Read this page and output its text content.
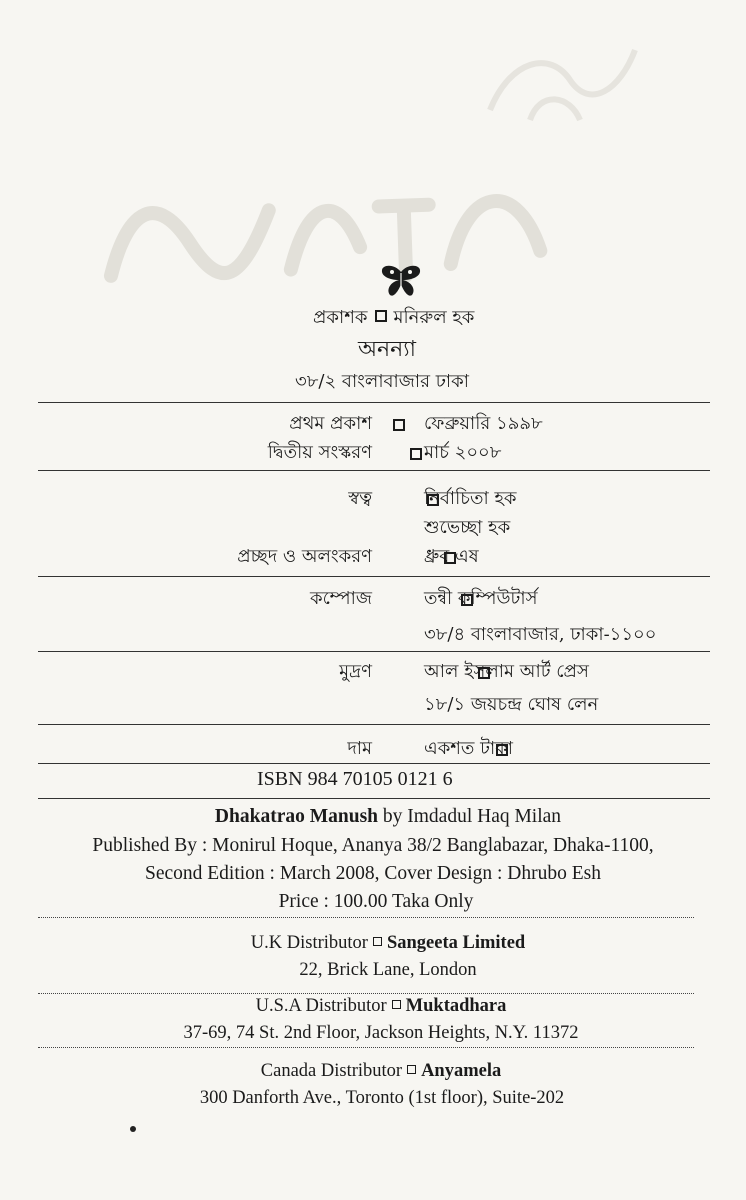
প্রকাশক মনিরুল হক
অনন্যা
৩৮/২ বাংলাবাজার ঢাকা
প্রথম প্রকাশ
	ফেব্রুয়ারি ১৯৯৮
দ্বিতীয় সংস্করণ
	মার্চ ২০০৮
স্বত্ব
	নির্বাচিতা হক
শুভেচ্ছা হক
প্রচ্ছদ ও অলংকরণ
	ধ্রুব এষ
কম্পোজ
	তন্বী কম্পিউটার্স
৩৮/৪ বাংলাবাজার, ঢাকা-১১০০
মুদ্রণ
	আল ইসলাম আর্ট প্রেস
১৮/১ জয়চন্দ্র ঘোষ লেন
দাম	একশত টাকা
ISBN 984 70105 0121 6
Dhakatrao Manush by Imdadul Haq Milan
Published By : Monirul Hoque, Ananya 38/2 Banglabazar, Dhaka-1100,
Second Edition : March 2008, Cover Design : Dhrubo Esh
Price : 100.00 Taka Only
U.K Distributor Sangeeta Limited
22, Brick Lane, London
U.S.A Distributor Muktadhara
37-69, 74 St. 2nd Floor, Jackson Heights, N.Y. 11372
Canada Distributor Anyamela
300 Danforth Ave., Toronto (1st floor), Suite-202
